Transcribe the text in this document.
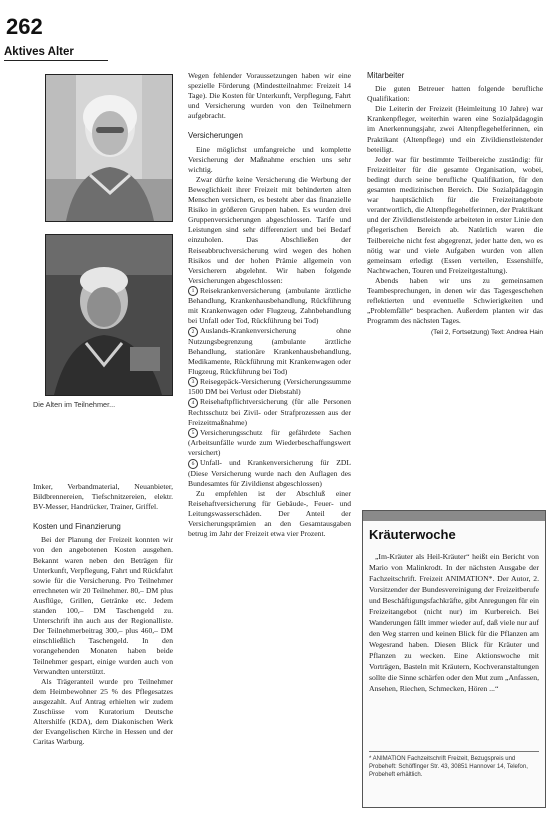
262
Aktives Alter
Die Alten im Teilnehmer...

Imker, Verbandmaterial, Neuanbieter, Bildbrennereien, Tiefschnitzereien, elektr. BV-Messer, Handrücker, Trainer, Griffel.

Kosten und Finanzierung

Bei der Planung der Freizeit konnten wir von den angebotenen Kosten ausgehen. Bekannt waren neben den Beträgen für Unterkunft, Verpflegung, Fahrt und Rückfahrt sowie für die Versicherung. Pro Teilnehmer errechneten wir 20 Teilnehmer. 80,– DM plus Ausflüge, Grillen, Getränke etc. Jedem standen 100,– DM Taschengeld zu. Unterschrift ihn auch aus der Regionalliste. Der Teilnehmerbeitrag 300,– plus 460,– DM einschließlich Taschengeld. In den vorangehenden Monaten haben beide Teilnehmer gespart, einige wurden auch von Verwandten unterstützt.

Als Trägeranteil wurde pro Teilnehmer dem Heimbewohner 25 % des Pflegesatzes ausgezahlt. Auf Antrag erhielten wir zudem Zuschüsse vom Kuratorium Deutsche Altershilfe (KDA), dem Diakonischen Werk der Evangelischen Kirche in Hessen und der Caritas Warburg.

Wegen fehlender Voraussetzungen haben wir eine spezielle Förderung (Mindestteilnahme: Freizeit 14 Tage). Die Kosten für Unterkunft, Verpflegung, Fahrt und Versicherung wurden von den Teilnehmern aufgebracht.

Versicherungen

Eine möglichst umfangreiche und komplette Versicherung der Maßnahme erschien uns sehr wichtig.

Zwar dürfte keine Versicherung die Werbung der Beweglichkeit ihrer Freizeit mit behinderten alten Menschen versichern, es besteht aber das finanzielle Risiko in größeren Gruppen haben. Es wurden drei Gruppenversicherungen abgeschlossen. Tarife und Leistungen sind sehr differenziert und bei Bedarf einzuholen. Das Abschließen der Reiseabbruchversicherung wird wegen des hohen Risikos und der hohen Prämie allgemein von Versicherern abgelehnt. Wir haben folgende Versicherungen abgeschlossen:

1 Reisekrankenversicherung (ambulante ärztliche Behandlung, Krankenhausbehandlung, Rückführung mit Krankenwagen oder Flugzeug, Zahnbehandlung bei Unfall oder Tod, Rückführung bei Tod)

2 Auslands-Krankenversicherung ohne Nutzungsbegrenzung (ambulante ärztliche Behandlung, stationäre Krankenhausbehandlung, Medikamente, Rückführung mit Krankenwagen oder Flugzeug, Rückführung bei Tod)

3 Reisegepäck-Versicherung (Versicherungssumme 1500 DM bei Verlust oder Diebstahl)

4 Reisehaftpflichtversicherung (für alle Personen Rechtsschutz bei Zivil- oder Strafprozessen aus der Freizeitmaßnahme)

5 Versicherungsschutz für gefährdete Sachen (Arbeitsunfälle wurde zum Wiederbeschaffungswert versichert)

6 Unfall- und Krankenversicherung für ZDL (Diese Versicherung wurde nach den Auflagen des Bundesamtes für Zivildienst abgeschlossen)

Zu empfehlen ist der Abschluß einer Reisehaftversicherung für Gebäude-, Feuer- und Leitungswasserschäden. Der Anteil der Versicherungsprämien an den Gesamtausgaben betrug im Jahr der Freizeit etwa vier Prozent.

Mitarbeiter

Die guten Betreuer hatten folgende berufliche Qualifikation:

Die Leiterin der Freizeit (Heimleitung 10 Jahre) war Krankenpfleger, weiterhin waren eine Sozialpädagogin im Anerkennungsjahr, zwei Altenpflegehelferinnen, ein Praktikant (Altenpflege) und ein Zivildienstleistender beteiligt.

Jeder war für bestimmte Teilbereiche zuständig: für Freizeitleiter für die gesamte Organisation, wobei, bedingt durch seine berufliche Qualifikation, für den gesamten medizinischen Bereich. Die Sozialpädagogin war hauptsächlich für die Freizeitangebote verantwortlich, die Altenpflegehelferinnen, der Praktikant und der Zivildienstleistende arbeiteten in erster Linie den pflegerischen Bereich ab. Natürlich waren die Teilbereiche nicht fest abgegrenzt, jeder hatte den, wo es nötig war und viele Aufgaben wurden von allen gemeinsam erledigt (Essen verteilen, Essenshilfe, Nachtwachen, Touren und Freizeitgestaltung).

Abends haben wir uns zu gemeinsamen Teambesprechungen, in denen wir das Tagesgeschehen reflektierten und eventuelle Schwierigkeiten und „Problemfälle“ besprachen. Außerdem planten wir das Programm des nächsten Tages.

(Teil 2, Fortsetzung) Text: Andrea Hain
Kräuterwoche

„Im-Kräuter als Heil-Kräuter“ heißt ein Bericht von Mario von Malinkrodt. In der nächsten Ausgabe der Fachzeitschrift. Freizeit ANIMATION*. Der Autor, 2. Vorsitzender der Bundesvereinigung der Freizeitberufe und Beschäftigungsfachkräfte, gibt Anregungen für ein Freizeitangebot (nicht nur) im Kurbereich. Bei Wanderungen fällt immer wieder auf, daß viele nur auf den Weg starren und keinen Blick für die Pflanzen am Wegesrand haben. Diesen Blick für Kräuter und Pflanzen zu wecken. Eine Aktionswoche mit Vorträgen, Basteln mit Kräutern, Kochveranstaltungen sollte die Sinne schärfen oder den Mut zum „Anfassen, Ansehen, Riechen, Schmecken, Hören ...“

* ANIMATION Fachzeitschrift Freizeit, Bezugspreis und Probeheft: Schöffinger Str. 43, 30851 Hannover 14, Telefon, Probeheft erhältlich.
